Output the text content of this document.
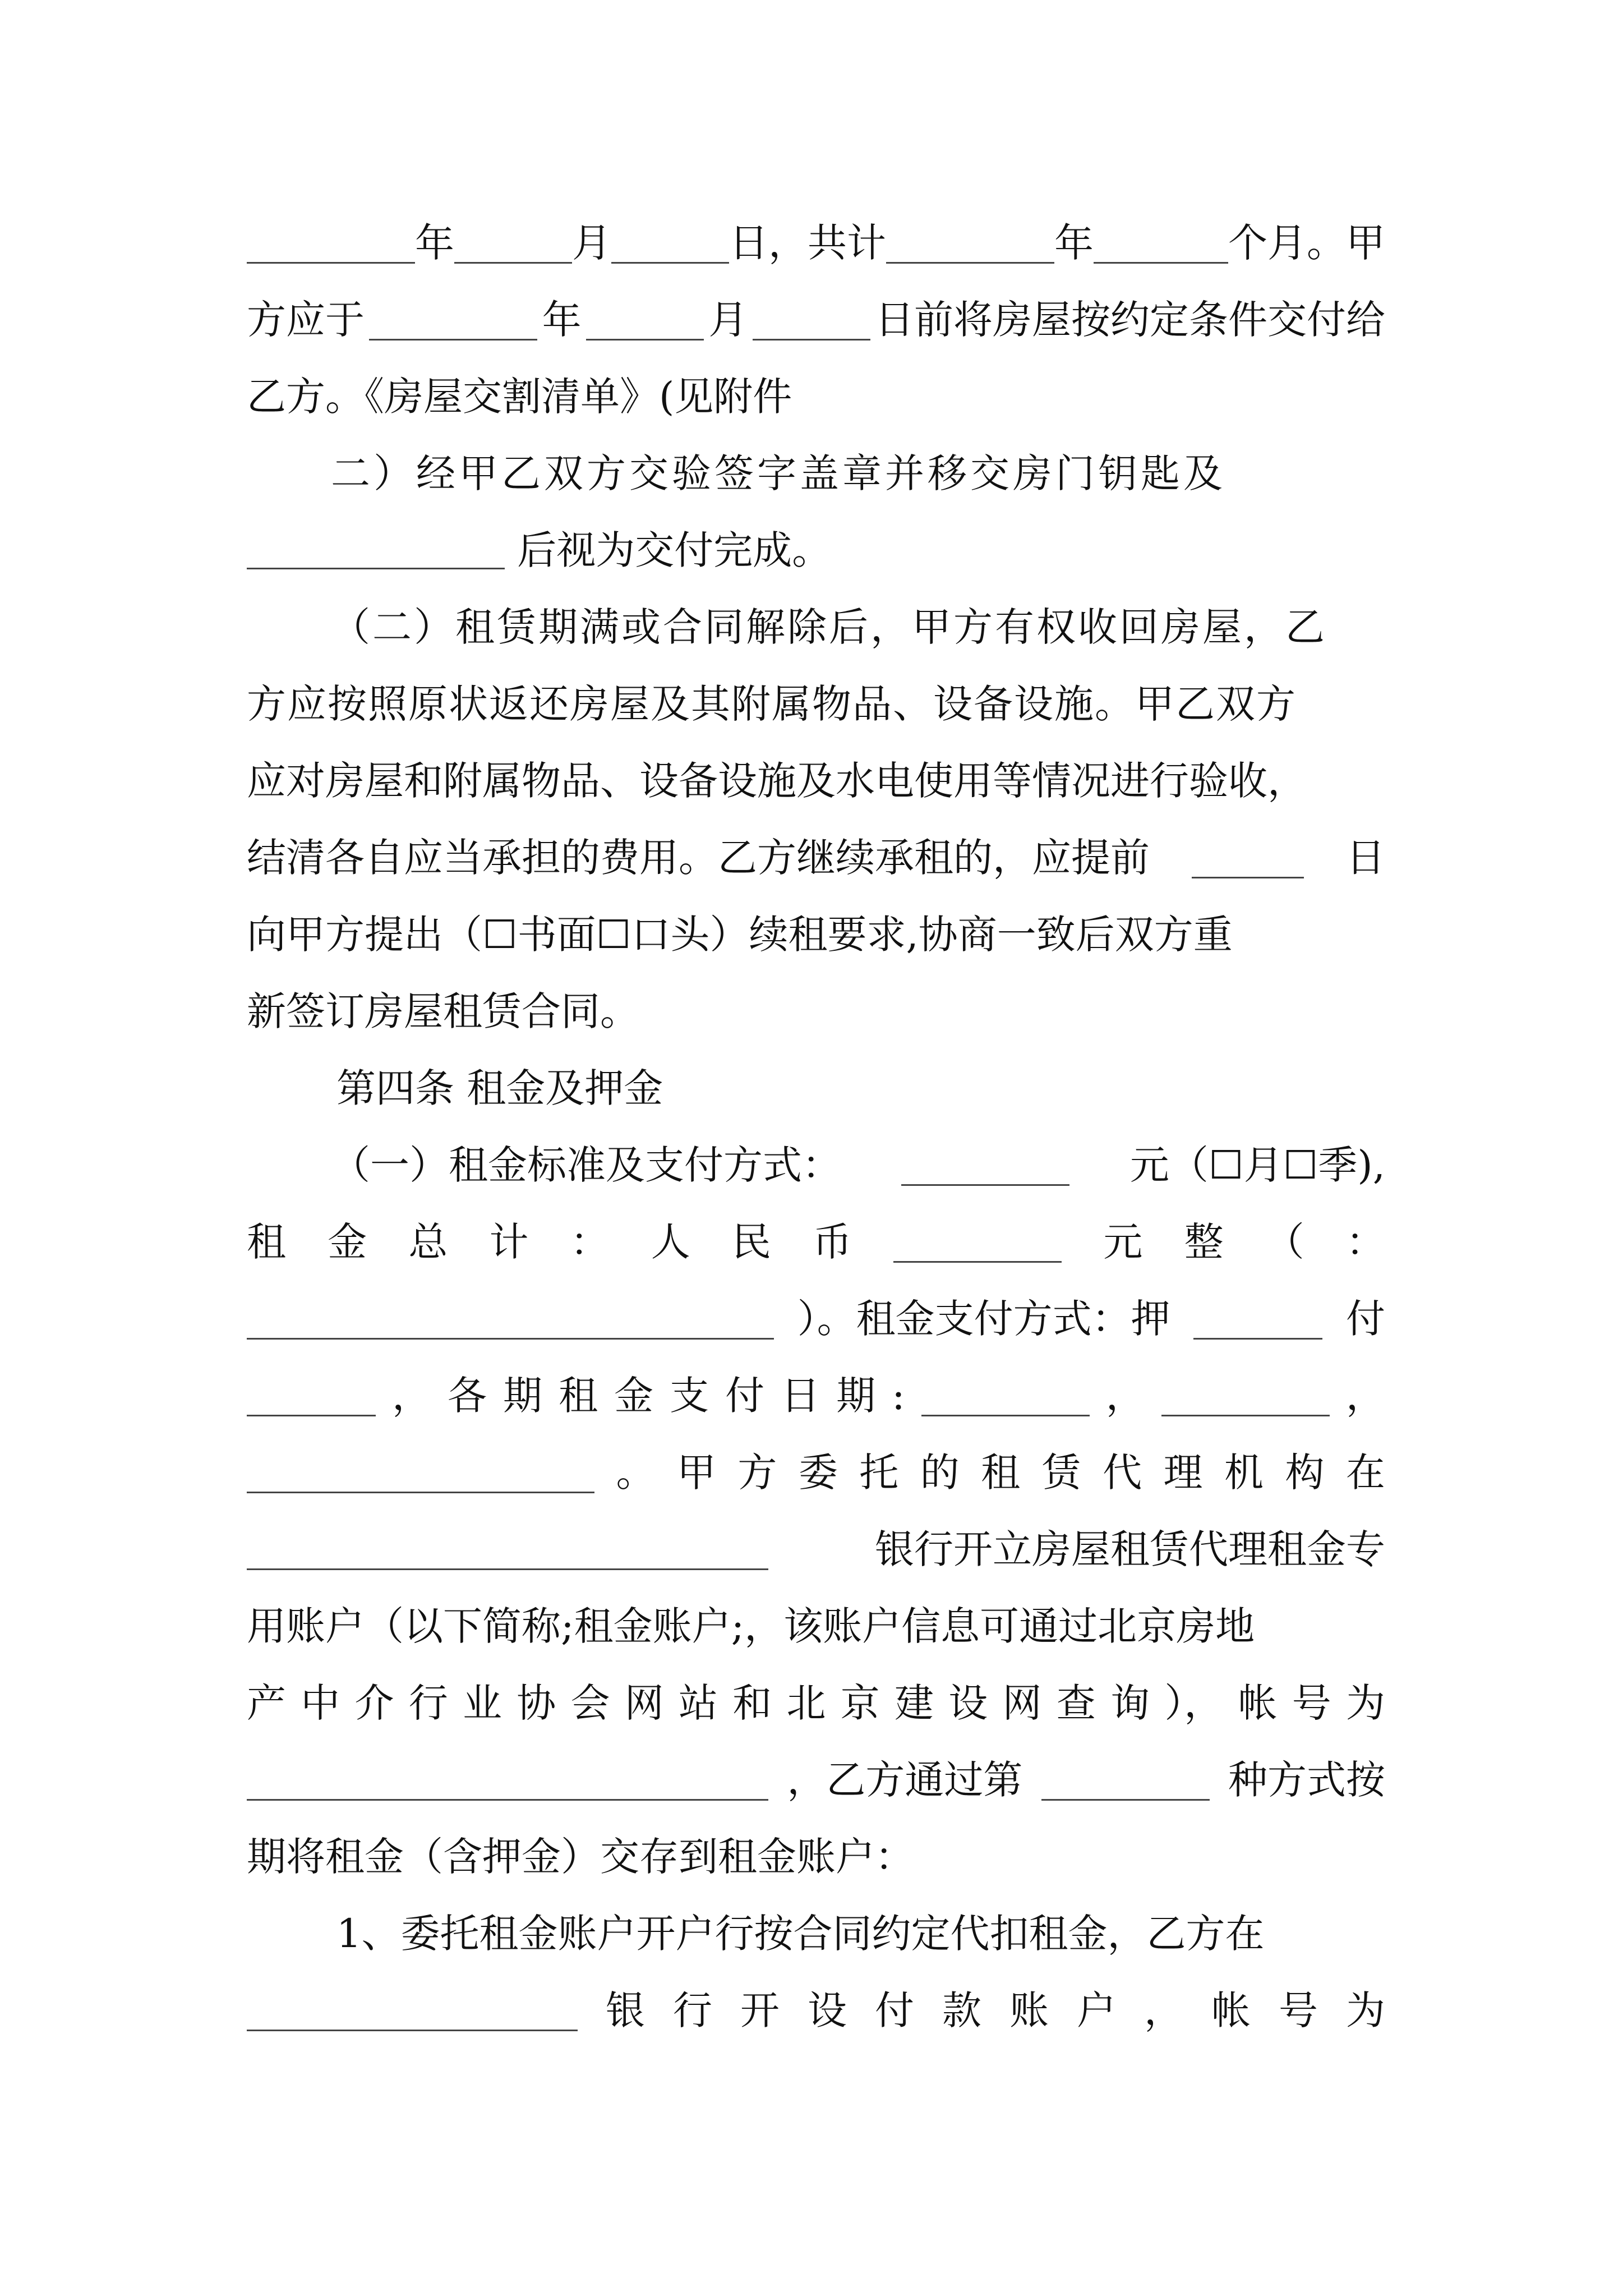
年	月	日，共计	年	个月。甲
方应于	年	月	日前将房屋按约定条件交付给
乙方。《房屋交割清单》(见附件
二）经甲乙双方交验签字盖章并移交房门钥匙及
后视为交付完成。
（二）租赁期满或合同解除后，甲方有权收回房屋，乙
方应按照原状返还房屋及其附属物品、设备设施。甲乙双方
应对房屋和附属物品、设备设施及水电使用等情况进行验收，
结清各自应当承担的费用。乙方继续承租的，应提前	日
向甲方提出（☐书面☐口头）续租要求,协商一致后双方重
新签订房屋租赁合同。
第四条 租金及押金
（一）租金标准及支付方式：	元（☐月☐季),
租 金 总 计 ： 人 民 币	元 整 （ ：
）。租金支付方式：押	付
， 各 期 租 金 支 付 日 期 :	，	，
。 甲 方 委 托 的 租 赁 代 理 机 构 在
银行开立房屋租赁代理租金专
用账户（以下简称;租金账户;，该账户信息可通过北京房地
产 中 介 行 业 协 会 网 站 和 北 京 建 设 网 查 询 ）， 帐 号 为
，乙方通过第	种方式按
期将租金（含押金）交存到租金账户：
1、委托租金账户开户行按合同约定代扣租金，乙方在
银 行 开 设 付 款 账 户 ， 帐 号 为
